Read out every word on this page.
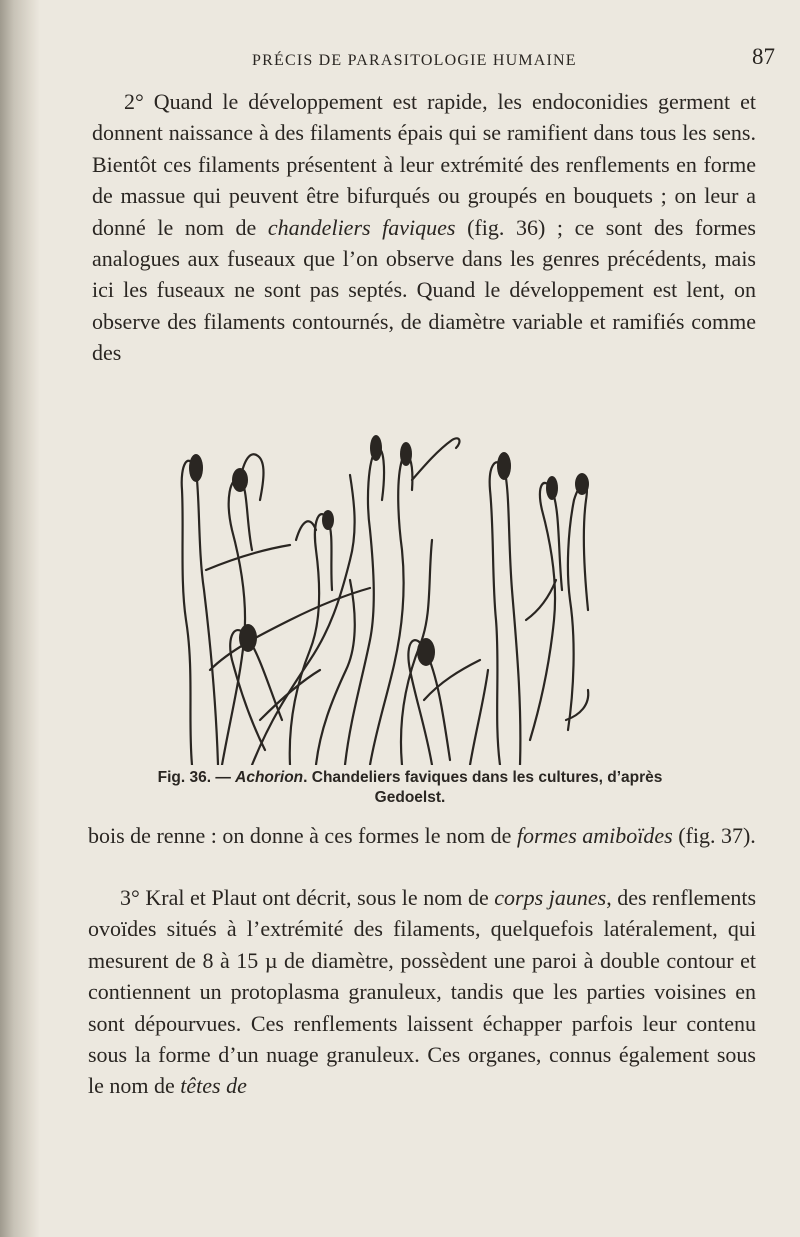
PRÉCIS DE PARASITOLOGIE HUMAINE	87

2° Quand le développement est rapide, les endoconidies germent et donnent naissance à des filaments épais qui se ramifient dans tous les sens. Bientôt ces filaments présentent à leur extrémité des renflements en forme de massue qui peuvent être bifurqués ou groupés en bouquets ; on leur a donné le nom de chandeliers faviques (fig. 36) ; ce sont des formes analogues aux fuseaux que l’on observe dans les genres précédents, mais ici les fuseaux ne sont pas septés. Quand le développement est lent, on observe des filaments contournés, de diamètre variable et ramifiés comme des

Fig. 36. — Achorion. Chandeliers faviques dans les cultures, d’après Gedoelst.

bois de renne : on donne à ces formes le nom de formes amiboïdes (fig. 37).

3° Kral et Plaut ont décrit, sous le nom de corps jaunes, des renflements ovoïdes situés à l’extrémité des filaments, quelquefois latéralement, qui mesurent de 8 à 15 µ de diamètre, possèdent une paroi à double contour et contiennent un protoplasma granuleux, tandis que les parties voisines en sont dépourvues. Ces renflements laissent échapper parfois leur contenu sous la forme d’un nuage granuleux. Ces organes, connus également sous le nom de têtes de
